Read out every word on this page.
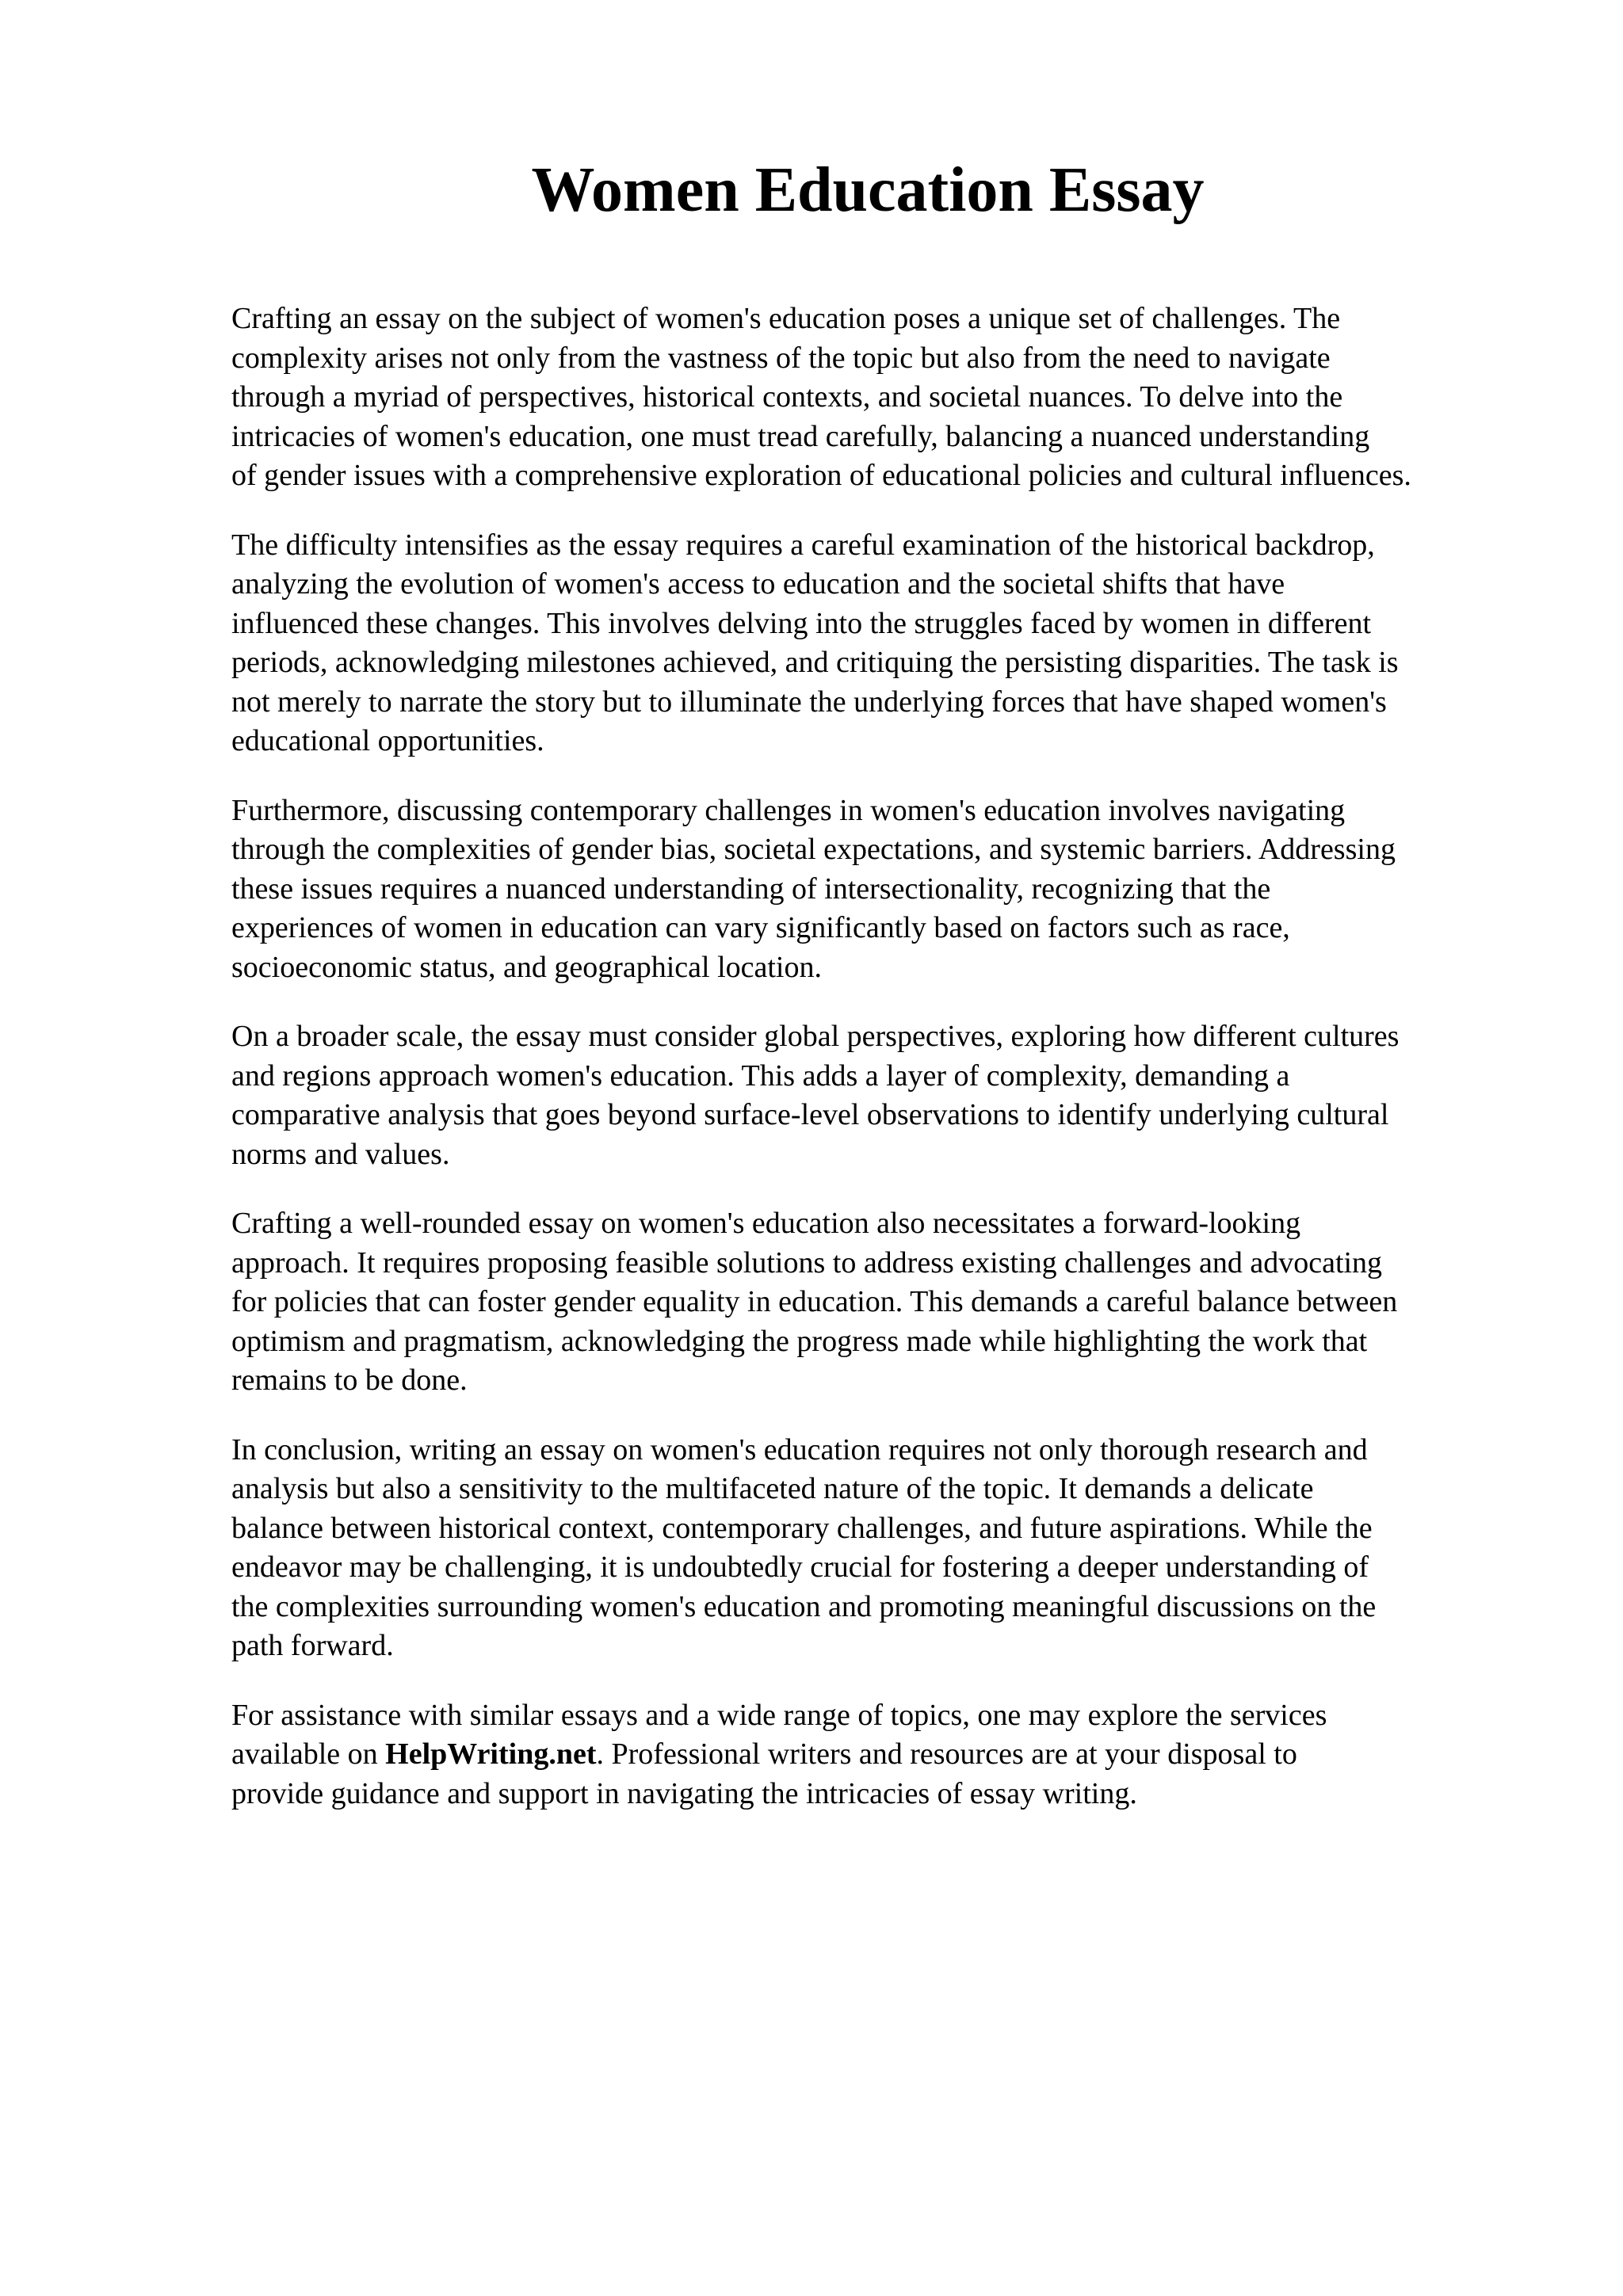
Women Education Essay

Crafting an essay on the subject of women's education poses a unique set of challenges. The
complexity arises not only from the vastness of the topic but also from the need to navigate
through a myriad of perspectives, historical contexts, and societal nuances. To delve into the
intricacies of women's education, one must tread carefully, balancing a nuanced understanding
of gender issues with a comprehensive exploration of educational policies and cultural influences.

The difficulty intensifies as the essay requires a careful examination of the historical backdrop,
analyzing the evolution of women's access to education and the societal shifts that have
influenced these changes. This involves delving into the struggles faced by women in different
periods, acknowledging milestones achieved, and critiquing the persisting disparities. The task is
not merely to narrate the story but to illuminate the underlying forces that have shaped women's
educational opportunities.

Furthermore, discussing contemporary challenges in women's education involves navigating
through the complexities of gender bias, societal expectations, and systemic barriers. Addressing
these issues requires a nuanced understanding of intersectionality, recognizing that the
experiences of women in education can vary significantly based on factors such as race,
socioeconomic status, and geographical location.

On a broader scale, the essay must consider global perspectives, exploring how different cultures
and regions approach women's education. This adds a layer of complexity, demanding a
comparative analysis that goes beyond surface-level observations to identify underlying cultural
norms and values.

Crafting a well-rounded essay on women's education also necessitates a forward-looking
approach. It requires proposing feasible solutions to address existing challenges and advocating
for policies that can foster gender equality in education. This demands a careful balance between
optimism and pragmatism, acknowledging the progress made while highlighting the work that
remains to be done.

In conclusion, writing an essay on women's education requires not only thorough research and
analysis but also a sensitivity to the multifaceted nature of the topic. It demands a delicate
balance between historical context, contemporary challenges, and future aspirations. While the
endeavor may be challenging, it is undoubtedly crucial for fostering a deeper understanding of
the complexities surrounding women's education and promoting meaningful discussions on the
path forward.

For assistance with similar essays and a wide range of topics, one may explore the services
available on HelpWriting.net. Professional writers and resources are at your disposal to
provide guidance and support in navigating the intricacies of essay writing.
